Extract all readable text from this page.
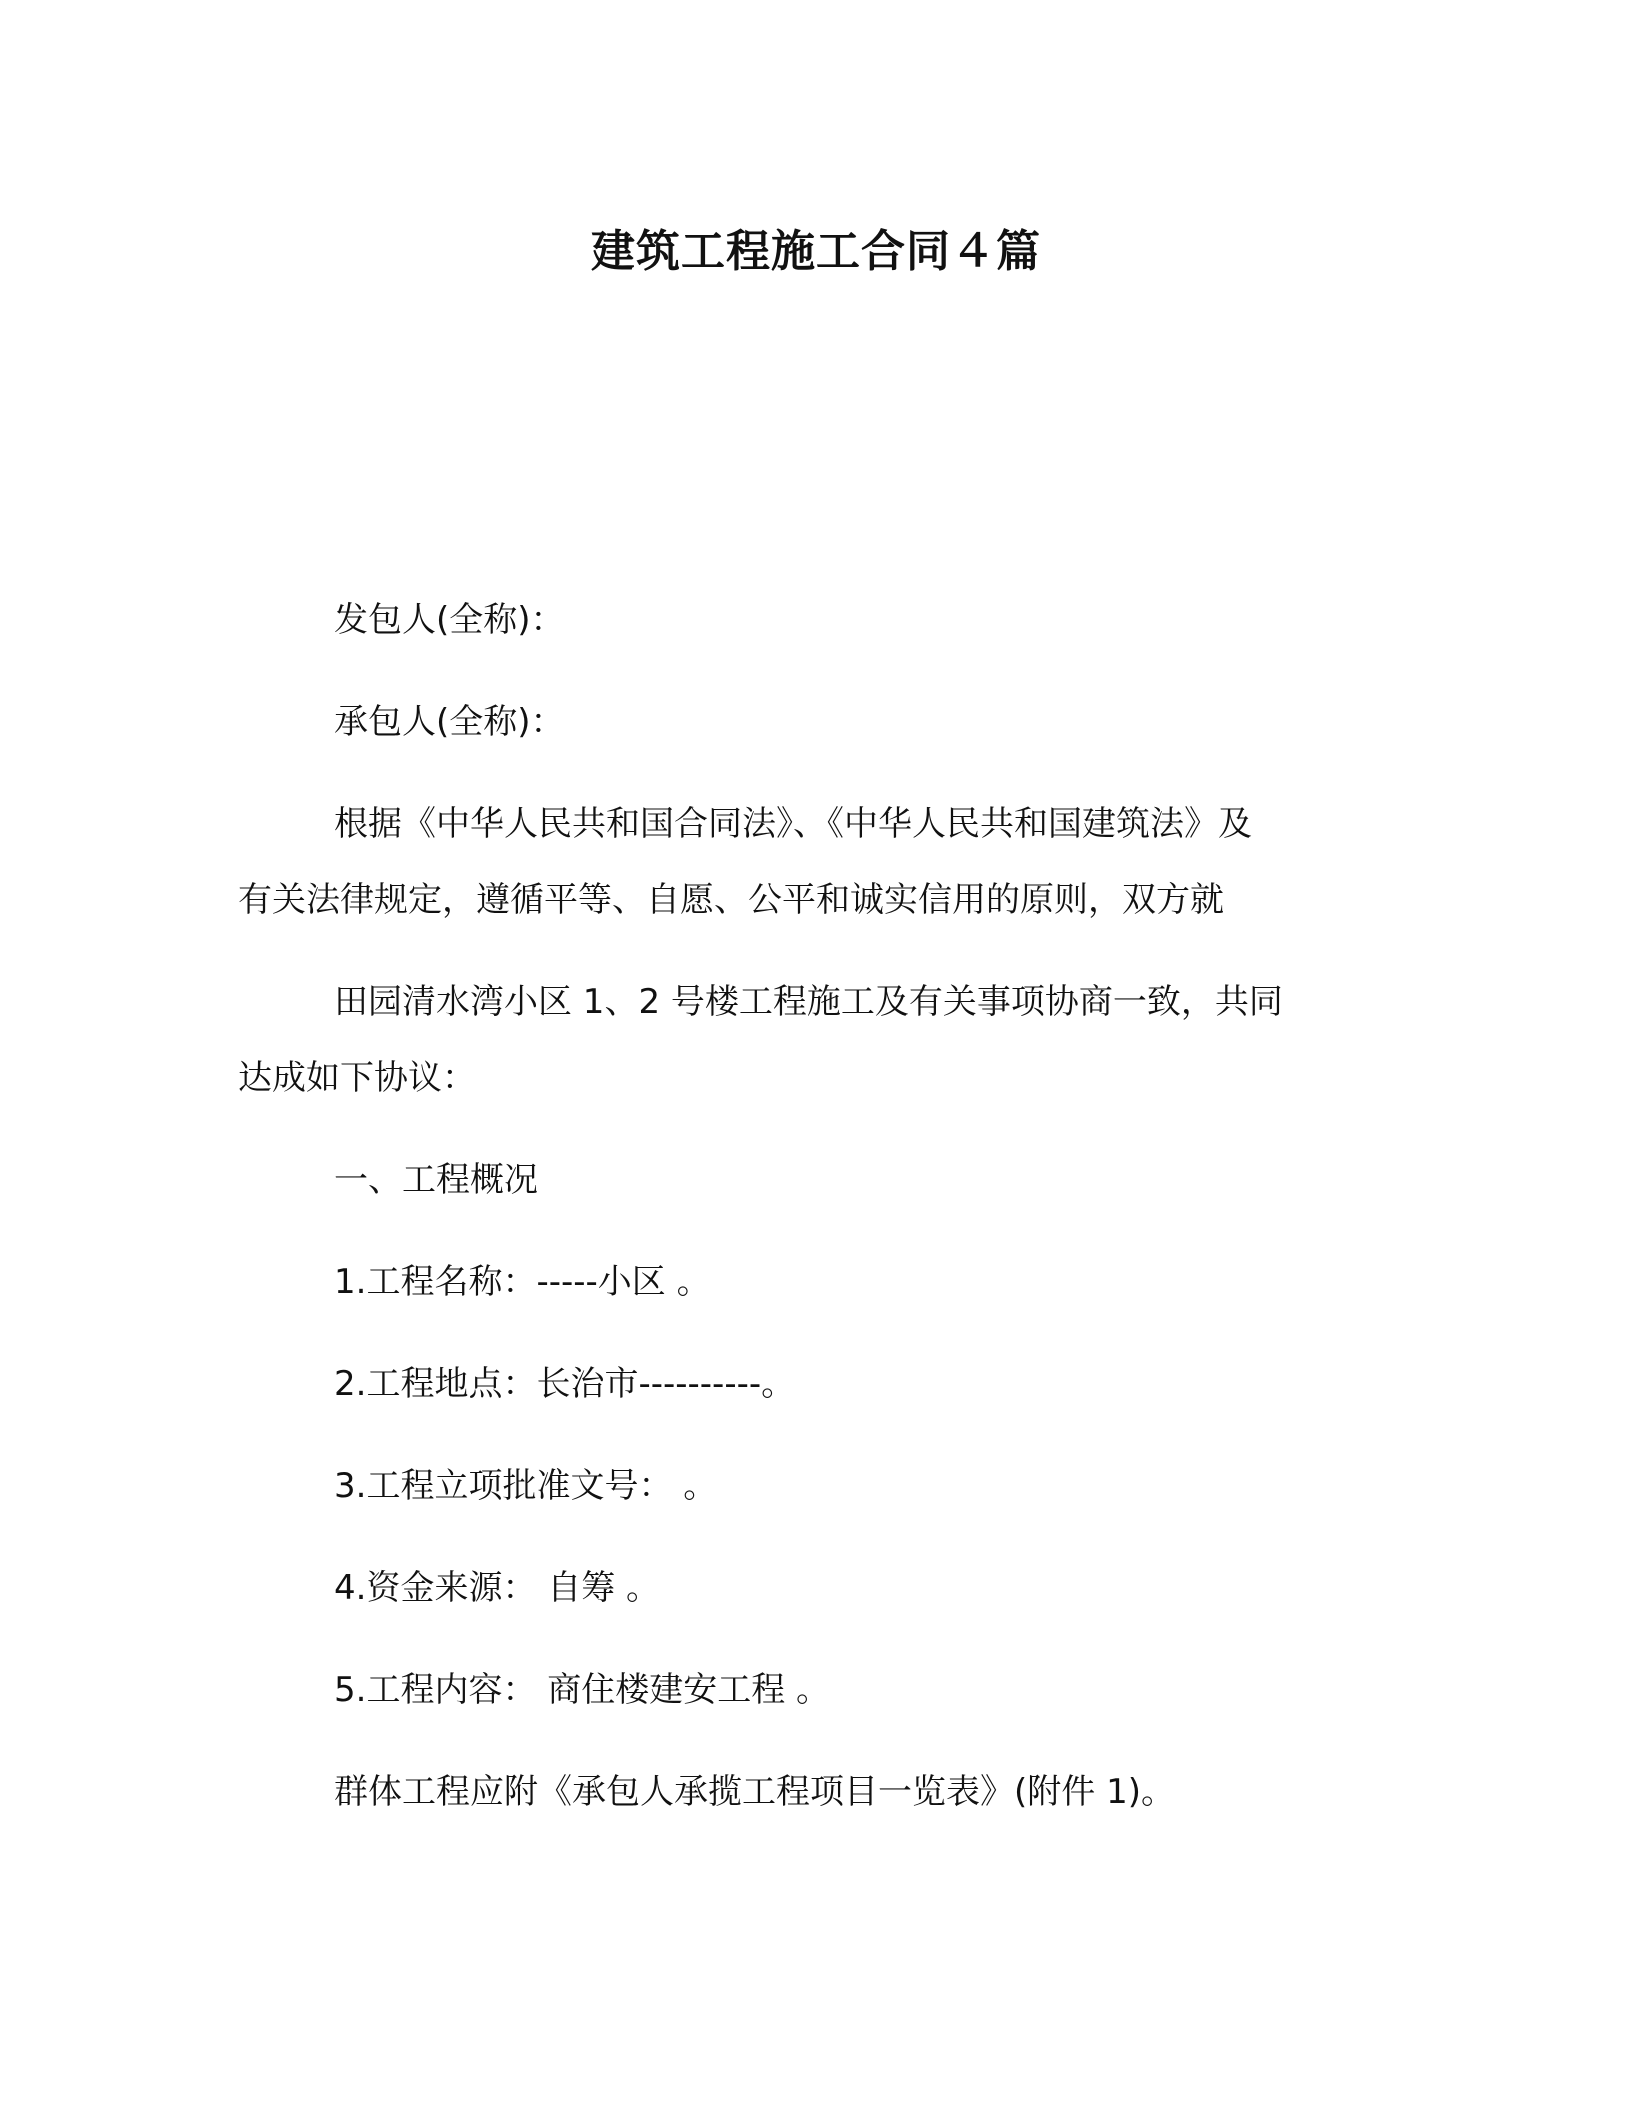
建筑工程施工合同４篇
发包人(全称)：
承包人(全称)：
根据《中华人民共和国合同法》、《中华人民共和国建筑法》及
有关法律规定，遵循平等、自愿、公平和诚实信用的原则，双方就
田园清水湾小区 1、2 号楼工程施工及有关事项协商一致，共同
达成如下协议：
一、工程概况
1.工程名称：-----小区 。
2.工程地点：长治市----------。
3.工程立项批准文号： 。
4.资金来源： 自筹 。
5.工程内容： 商住楼建安工程 。
群体工程应附《承包人承揽工程项目一览表》(附件 1)。
